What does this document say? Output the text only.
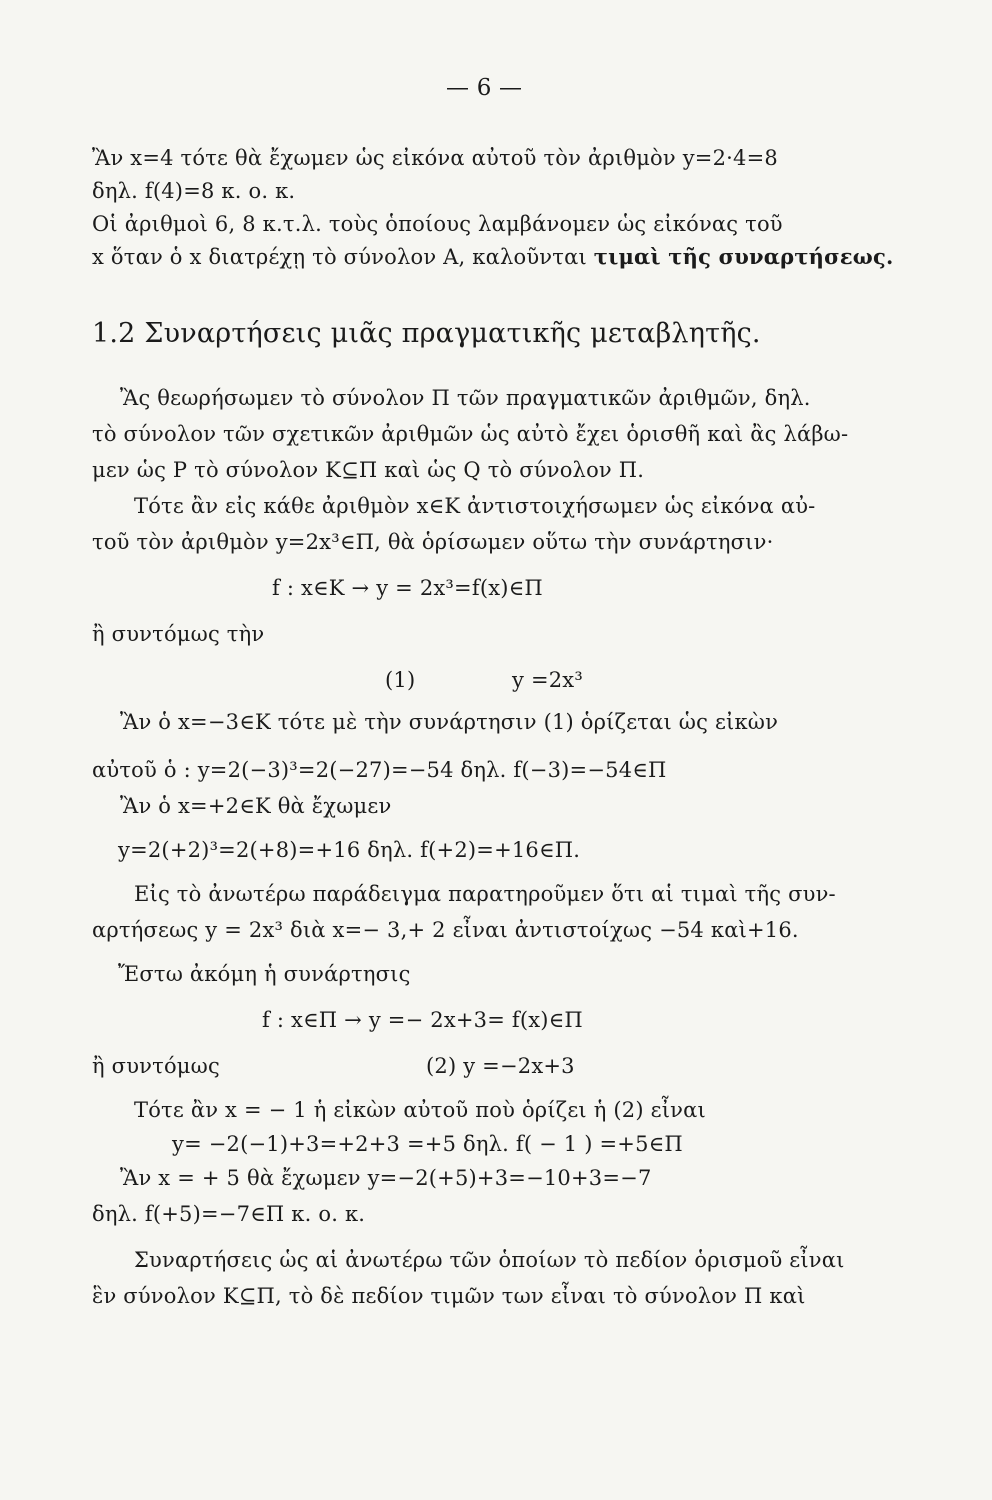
— 6 —
Ἂν x=4 τότε θὰ ἔχωμεν ὡς εἰκόνα αὐτοῦ τὸν ἀριθμὸν y=2·4=8
δηλ. f(4)=8 κ. ο. κ.
Οἱ ἀριθμοὶ 6, 8 κ.τ.λ. τοὺς ὁποίους λαμβάνομεν ὡς εἰκόνας τοῦ
x ὅταν ὁ x διατρέχῃ τὸ σύνολον A, καλοῦνται τιμαὶ τῆς συναρτήσεως.
1.2 Συναρτήσεις μιᾶς πραγματικῆς μεταβλητῆς.
Ἂς θεωρήσωμεν τὸ σύνολον Π τῶν πραγματικῶν ἀριθμῶν, δηλ.
τὸ σύνολον τῶν σχετικῶν ἀριθμῶν ὡς αὐτὸ ἔχει ὁρισθῆ καὶ ἂς λάβω-
μεν ὡς P τὸ σύνολον K⊆Π καὶ ὡς Q τὸ σύνολον Π.
Τότε ἂν εἰς κάθε ἀριθμὸν x∈K ἀντιστοιχήσωμεν ὡς εἰκόνα αὐ-
τοῦ τὸν ἀριθμὸν y=2x³∈Π, θὰ ὁρίσωμεν οὕτω τὴν συνάρτησιν·
f : x∈K → y = 2x³=f(x)∈Π
ἢ συντόμως τὴν
(1)	y =2x³
Ἂν ὁ x=−3∈K τότε μὲ τὴν συνάρτησιν (1) ὁρίζεται ὡς εἰκὼν
αὐτοῦ ὁ : y=2(−3)³=2(−27)=−54 δηλ. f(−3)=−54∈Π
Ἂν ὁ x=+2∈K θὰ ἔχωμεν
y=2(+2)³=2(+8)=+16 δηλ. f(+2)=+16∈Π.
Εἰς τὸ ἀνωτέρω παράδειγμα παρατηροῦμεν ὅτι αἱ τιμαὶ τῆς συν-
αρτήσεως y = 2x³ διὰ x=− 3,+ 2 εἶναι ἀντιστοίχως −54 καὶ+16.
Ἔστω ἀκόμη ἡ συνάρτησις
f : x∈Π → y =− 2x+3= f(x)∈Π
ἢ συντόμως	(2) y =−2x+3
Τότε ἂν x = − 1 ἡ εἰκὼν αὐτοῦ ποὺ ὁρίζει ἡ (2) εἶναι
y= −2(−1)+3=+2+3 =+5 δηλ. f( − 1 ) =+5∈Π
Ἂν x = + 5 θὰ ἔχωμεν y=−2(+5)+3=−10+3=−7
δηλ. f(+5)=−7∈Π κ. ο. κ.
Συναρτήσεις ὡς αἱ ἀνωτέρω τῶν ὁποίων τὸ πεδίον ὁρισμοῦ εἶναι
ἓν σύνολον K⊆Π, τὸ δὲ πεδίον τιμῶν των εἶναι τὸ σύνολον Π καὶ
